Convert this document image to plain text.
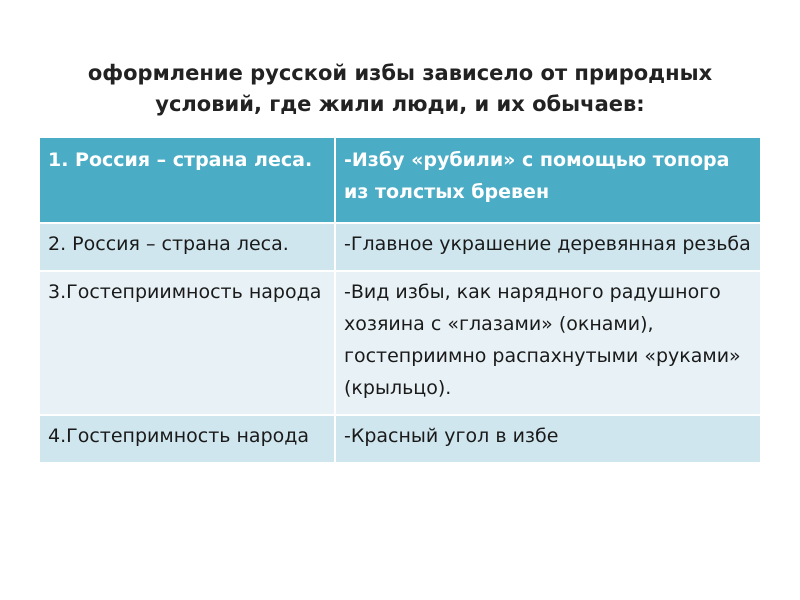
оформление русской избы зависело от природных условий, где жили люди, и их обычаев:
1. Россия – страна леса.	-Избу «рубили» с помощью топора из толстых бревен
2. Россия – страна леса.	-Главное украшение деревянная резьба
3.Гостеприимность народа	-Вид избы, как нарядного радушного хозяина с «глазами» (окнами), гостеприимно распахнутыми «руками» (крыльцо).
4.Гостепримность народа	-Красный угол в избе
